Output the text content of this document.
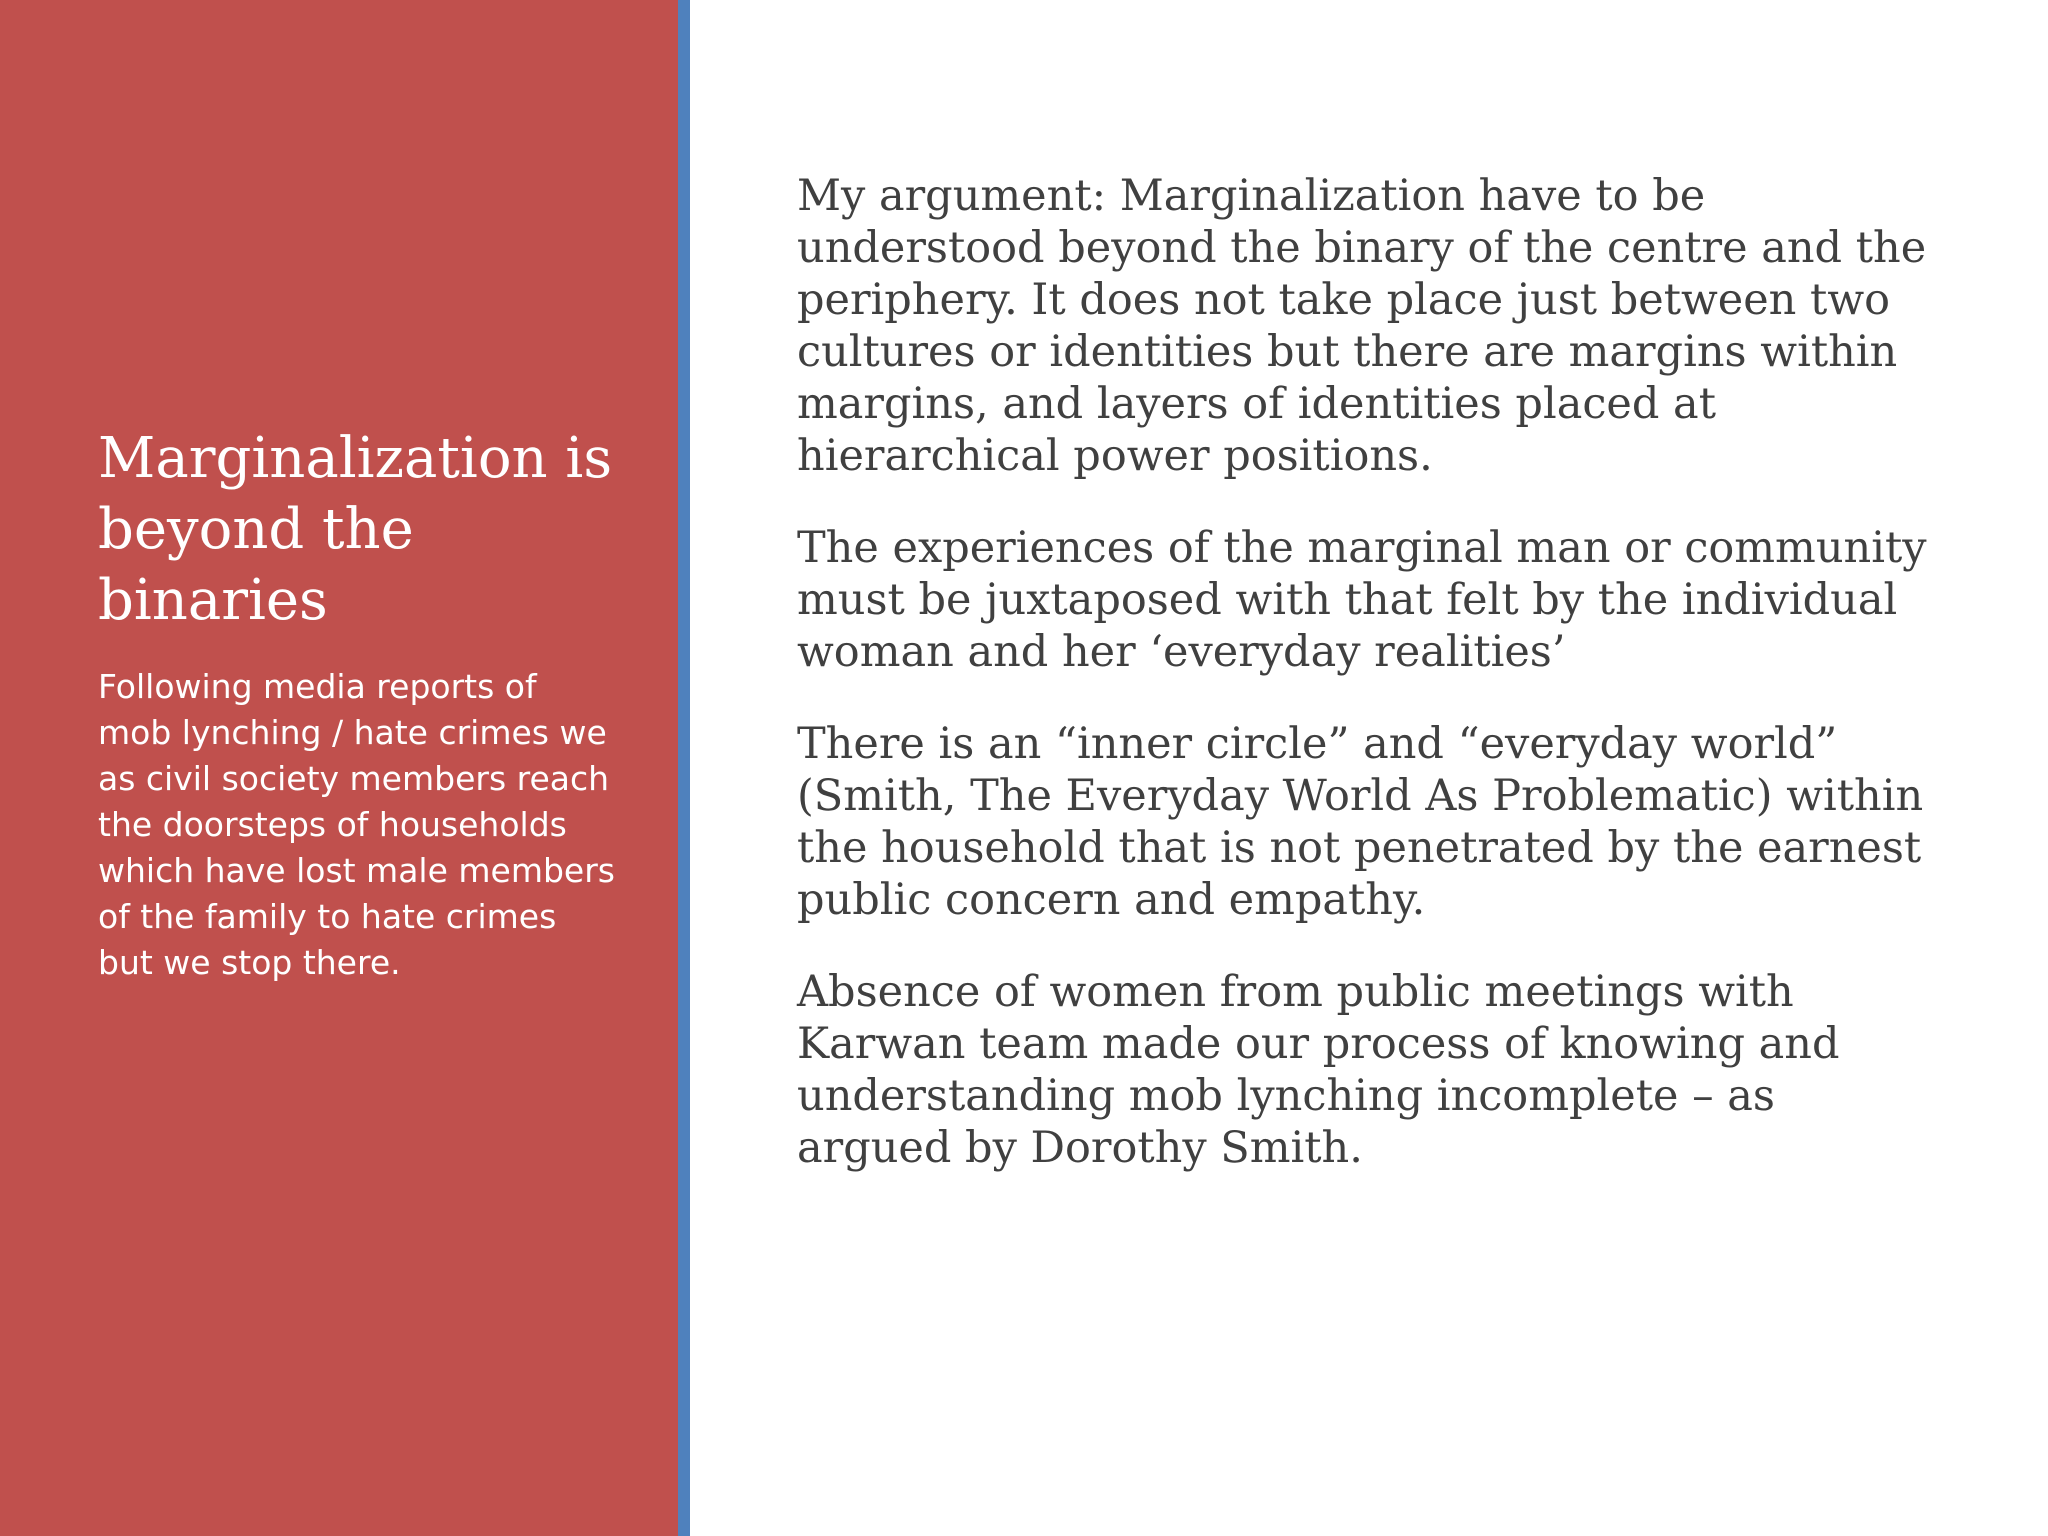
Marginalization is beyond the binaries

Following media reports of mob lynching / hate crimes we as civil society members reach the doorsteps of households which have lost male members of the family to hate crimes but we stop there.

My argument: Marginalization have to be understood beyond the binary of the centre and the periphery. It does not take place just between two cultures or identities but there are margins within margins, and layers of identities placed at hierarchical power positions.

The experiences of the marginal man or community must be juxtaposed with that felt by the individual woman and her ‘everyday realities’

There is an “inner circle” and “everyday world” (Smith, The Everyday World As Problematic) within the household that is not penetrated by the earnest public concern and empathy.

Absence of women from public meetings with Karwan team made our process of knowing and understanding mob lynching incomplete – as argued by Dorothy Smith.
